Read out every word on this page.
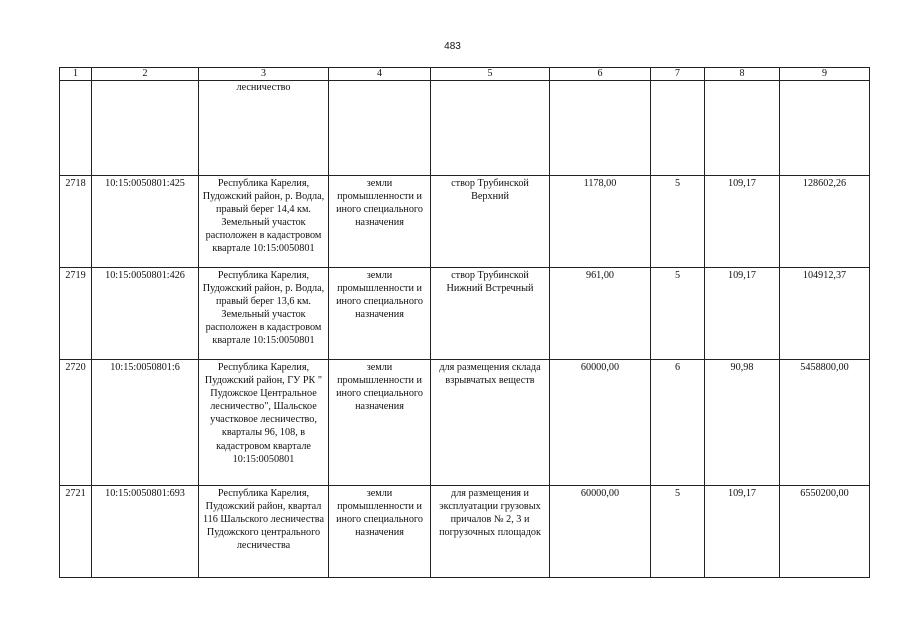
483
1	2	3	4	5	6	7	8	9
		лесничество						
2718	10:15:0050801:425	Республика Карелия, Пудожский район, р. Водла, правый берег 14,4 км. Земельный участок расположен в кадастровом квартале 10:15:0050801	земли промышленности и иного специального назначения	створ Трубинской Верхний	1178,00	5	109,17	128602,26
2719	10:15:0050801:426	Республика Карелия, Пудожский район, р. Водла, правый берег 13,6 км. Земельный участок расположен в кадастровом квартале 10:15:0050801	земли промышленности и иного специального назначения	створ Трубинской Нижний Встречный	961,00	5	109,17	104912,37
2720	10:15:0050801:6	Республика Карелия, Пудожский район, ГУ РК " Пудожское Центральное лесничество", Шальское участковое лесничество, кварталы 96, 108, в кадастровом квартале 10:15:0050801	земли промышленности и иного специального назначения	для размещения склада взрывчатых веществ	60000,00	6	90,98	5458800,00
2721	10:15:0050801:693	Республика Карелия, Пудожский район, квартал 116 Шальского лесничества Пудожского центрального лесничества	земли промышленности и иного специального назначения	для размещения и эксплуатации грузовых причалов № 2, 3 и погрузочных площадок	60000,00	5	109,17	6550200,00
